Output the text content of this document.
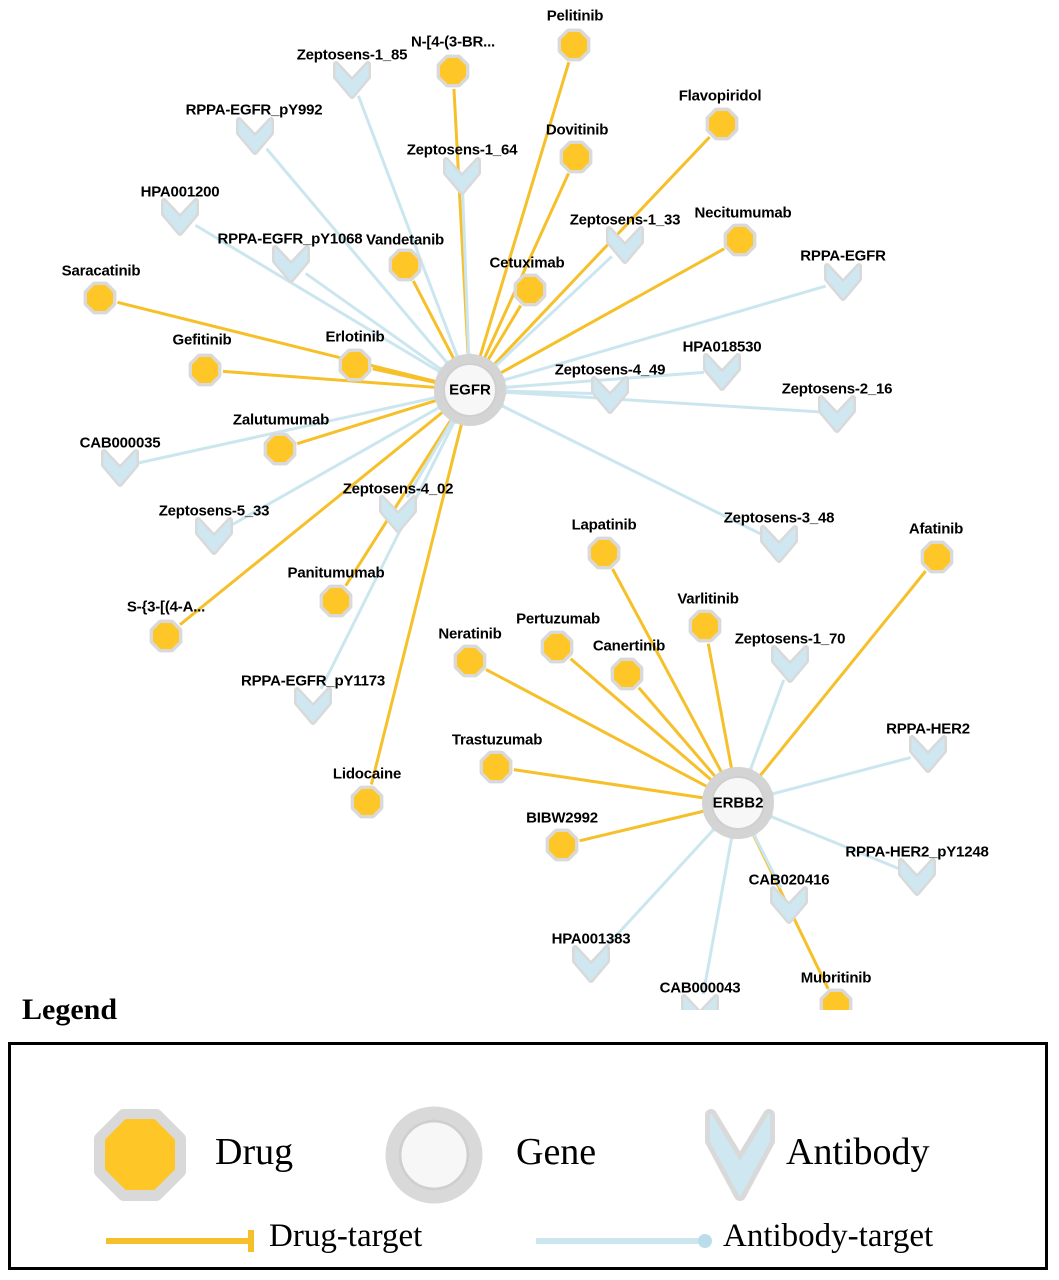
Pelitinib
N-[4-(3-BR...
Flavopiridol
Dovitinib
Necitumumab
Vandetanib
Cetuximab
Saracatinib
Erlotinib
Gefitinib
Zalutumumab
Afatinib
Lapatinib
Varlitinib
Panitumumab
S-{3-[(4-A...
Pertuzumab
Neratinib
Canertinib
Trastuzumab
Lidocaine
BIBW2992
Mubritinib
Zeptosens-1_85
RPPA-EGFR_pY992
Zeptosens-1_64
HPA001200
Zeptosens-1_33
RPPA-EGFR_pY1068
RPPA-EGFR
HPA018530
Zeptosens-4_49
Zeptosens-2_16
CAB000035
Zeptosens-4_02
Zeptosens-5_33	Zeptosens-3_48
Zeptosens-1_70
RPPA-EGFR_pY1173
RPPA-HER2
RPPA-HER2_pY1248
CAB020416
HPA001383
CAB000043
EGFR
ERBB2
Legend
Drug	Gene	Antibody
Drug-target	Antibody-target
